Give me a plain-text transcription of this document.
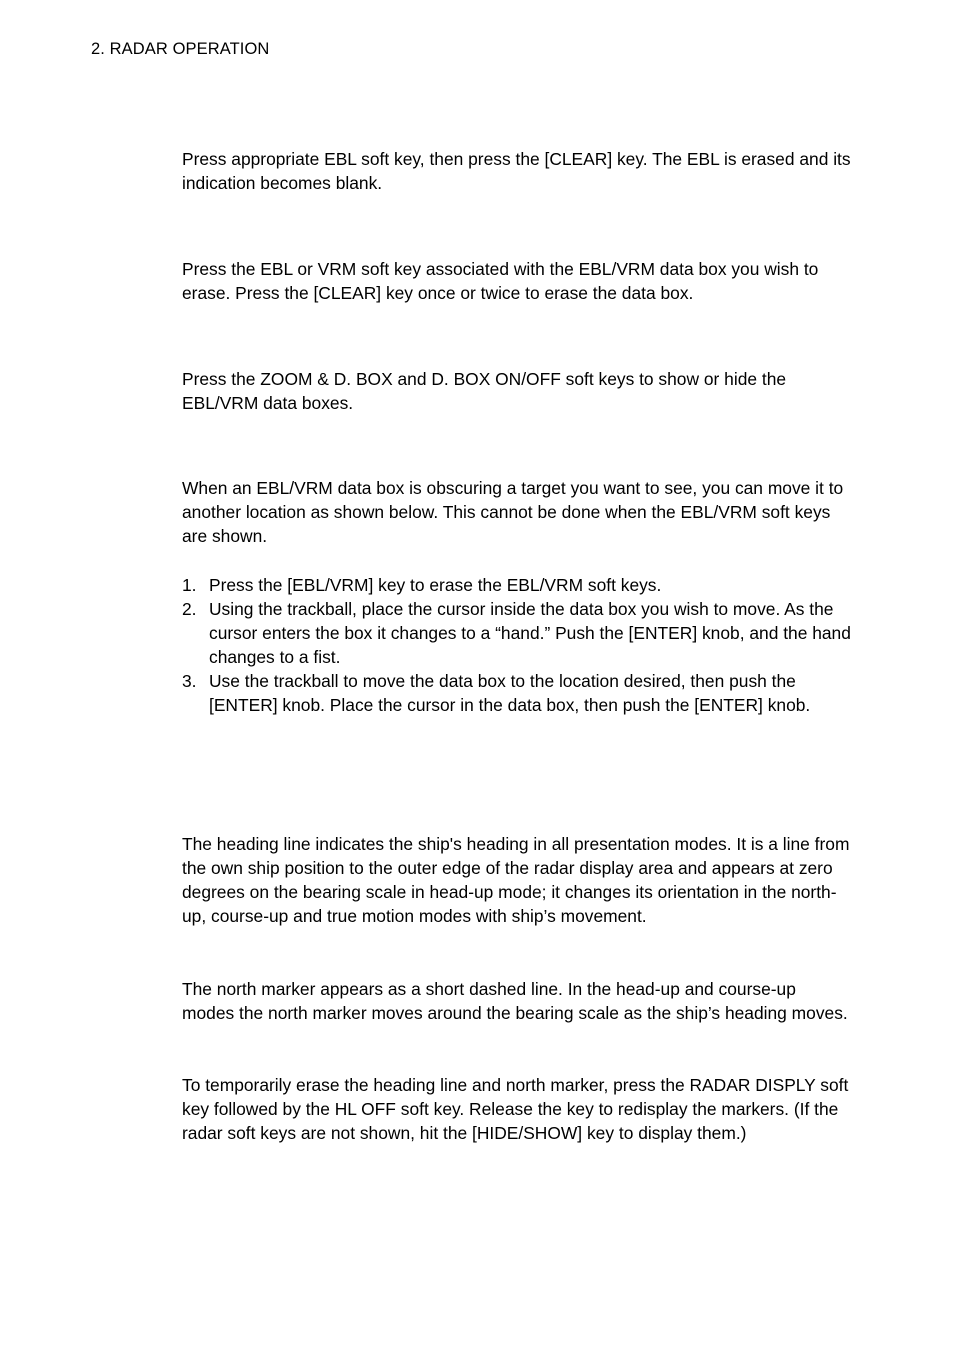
2. RADAR OPERATION

Press appropriate EBL soft key, then press the [CLEAR] key. The EBL is erased and its indication becomes blank.

Press the EBL or VRM soft key associated with the EBL/VRM data box you wish to erase. Press the [CLEAR] key once or twice to erase the data box.

Press the ZOOM & D. BOX and D. BOX ON/OFF soft keys to show or hide the EBL/VRM data boxes.

When an EBL/VRM data box is obscuring a target you want to see, you can move it to another location as shown below. This cannot be done when the EBL/VRM soft keys are shown.

1. Press the [EBL/VRM] key to erase the EBL/VRM soft keys.
2. Using the trackball, place the cursor inside the data box you wish to move. As the cursor enters the box it changes to a “hand.” Push the [ENTER] knob, and the hand changes to a fist.
3. Use the trackball to move the data box to the location desired, then push the [ENTER] knob. Place the cursor in the data box, then push the [ENTER] knob.

The heading line indicates the ship's heading in all presentation modes. It is a line from the own ship position to the outer edge of the radar display area and appears at zero degrees on the bearing scale in head-up mode; it changes its orientation in the north-up, course-up and true motion modes with ship’s movement.

The north marker appears as a short dashed line. In the head-up and course-up modes the north marker moves around the bearing scale as the ship’s heading moves.

To temporarily erase the heading line and north marker, press the RADAR DISPLY soft key followed by the HL OFF soft key. Release the key to redisplay the markers. (If the radar soft keys are not shown, hit the [HIDE/SHOW] key to display them.)
